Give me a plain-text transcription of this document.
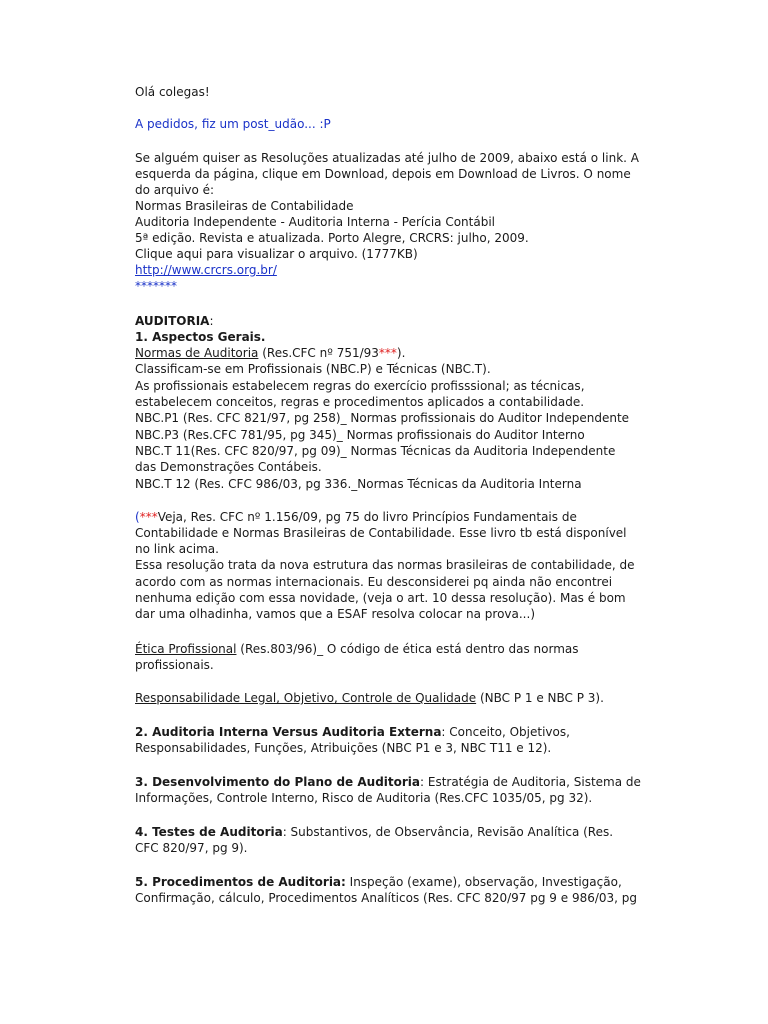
Olá colegas!
A pedidos, fiz um post_udão... :P
Se alguém quiser as Resoluções atualizadas até julho de 2009, abaixo está o link. A
esquerda da página, clique em Download, depois em Download de Livros. O nome
do arquivo é:
Normas Brasileiras de Contabilidade
Auditoria Independente - Auditoria Interna - Perícia Contábil
5ª edição. Revista e atualizada. Porto Alegre, CRCRS: julho, 2009.
Clique aqui para visualizar o arquivo. (1777KB)
http://www.crcrs.org.br/
*******
AUDITORIA:
1. Aspectos Gerais.
Normas de Auditoria (Res.CFC nº 751/93***).
Classificam-se em Profissionais (NBC.P) e Técnicas (NBC.T).
As profissionais estabelecem regras do exercício profisssional; as técnicas,
estabelecem conceitos, regras e procedimentos aplicados a contabilidade.
NBC.P1 (Res. CFC 821/97, pg 258)_ Normas profissionais do Auditor Independente
NBC.P3 (Res.CFC 781/95, pg 345)_ Normas profissionais do Auditor Interno
NBC.T 11(Res. CFC 820/97, pg 09)_ Normas Técnicas da Auditoria Independente
das Demonstrações Contábeis.
NBC.T 12 (Res. CFC 986/03, pg 336._Normas Técnicas da Auditoria Interna
(***Veja, Res. CFC nº 1.156/09, pg 75 do livro Princípios Fundamentais de
Contabilidade e Normas Brasileiras de Contabilidade. Esse livro tb está disponível
no link acima.
Essa resolução trata da nova estrutura das normas brasileiras de contabilidade, de
acordo com as normas internacionais. Eu desconsiderei pq ainda não encontrei
nenhuma edição com essa novidade, (veja o art. 10 dessa resolução). Mas é bom
dar uma olhadinha, vamos que a ESAF resolva colocar na prova...)
Ética Profissional (Res.803/96)_ O código de ética está dentro das normas
profissionais.
Responsabilidade Legal, Objetivo, Controle de Qualidade (NBC P 1 e NBC P 3).
2. Auditoria Interna Versus Auditoria Externa: Conceito, Objetivos,
Responsabilidades, Funções, Atribuições (NBC P1 e 3, NBC T11 e 12).
3. Desenvolvimento do Plano de Auditoria: Estratégia de Auditoria, Sistema de
Informações, Controle Interno, Risco de Auditoria (Res.CFC 1035/05, pg 32).
4. Testes de Auditoria: Substantivos, de Observância, Revisão Analítica (Res.
CFC 820/97, pg 9).
5. Procedimentos de Auditoria: Inspeção (exame), observação, Investigação,
Confirmação, cálculo, Procedimentos Analíticos (Res. CFC 820/97 pg 9 e 986/03, pg
